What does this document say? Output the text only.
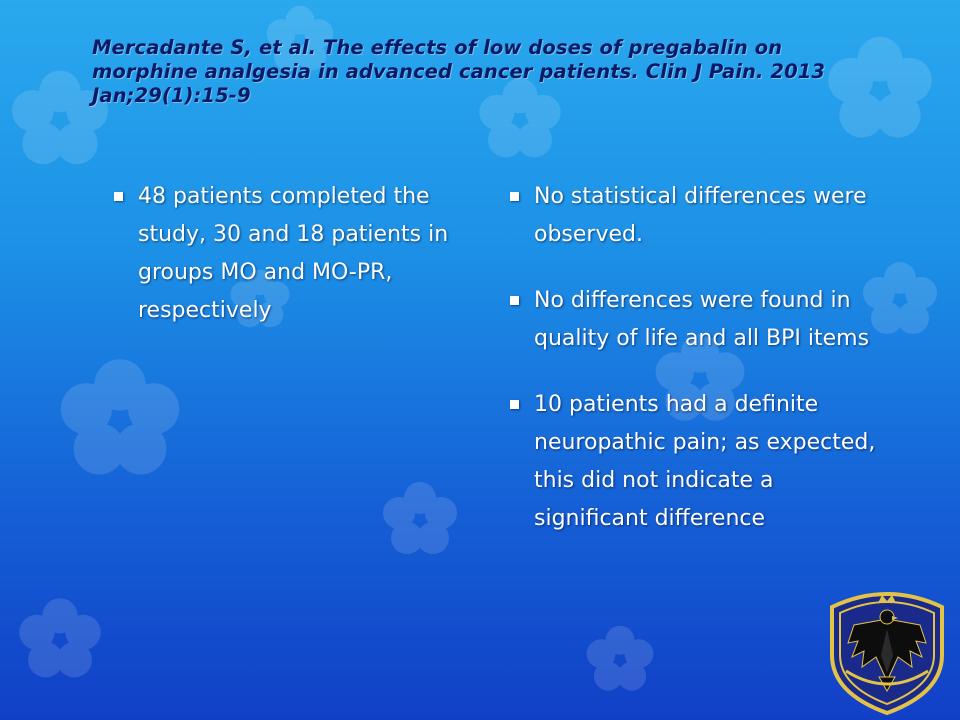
Mercadante S, et al. The effects of low doses of pregabalin on morphine analgesia in advanced cancer patients. Clin J Pain. 2013 Jan;29(1):15-9

48 patients completed the study, 30 and 18 patients in groups MO and MO-PR, respectively
No statistical differences were observed.
No differences were found in quality of life and all BPI items
10 patients had a definite neuropathic pain; as expected, this did not indicate a significant difference
